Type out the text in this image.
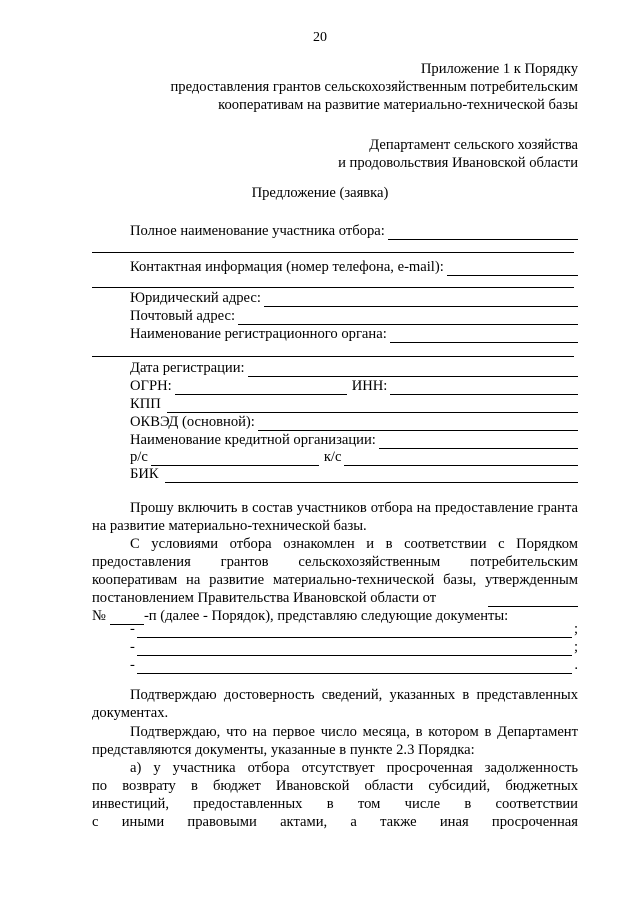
20
Приложение 1 к Порядку
предоставления грантов сельскохозяйственным потребительским
кооперативам на развитие материально-технической базы
Департамент сельского хозяйства
и продовольствия Ивановской области
Предложение (заявка)
Полное наименование участника отбора:
Контактная информация (номер телефона, e-mail):
Юридический адрес:
Почтовый адрес:
Наименование регистрационного органа:
Дата регистрации:
ОГРН:	ИНН:
КПП
ОКВЭД (основной):
Наименование кредитной организации:
р/с	к/с
БИК
Прошу включить в состав участников отбора на предоставление гранта на развитие материально-технической базы.
С условиями отбора ознакомлен и в соответствии с Порядком
предоставления грантов сельскохозяйственным потребительским
кооперативам на развитие материально-технической базы, утвержденным
постановлением Правительства Ивановской области от
№	-п (далее - Порядок), представляю следующие документы:
-	;
-	;
-	.
Подтверждаю достоверность сведений, указанных в представленных документах.
Подтверждаю, что на первое число месяца, в котором в Департамент представляются документы, указанные в пункте 2.3 Порядка:
а) у участника отбора отсутствует просроченная задолженность
по возврату в бюджет Ивановской области субсидий, бюджетных
инвестиций, предоставленных в том числе в соответствии
с иными правовыми актами, а также иная просроченная
